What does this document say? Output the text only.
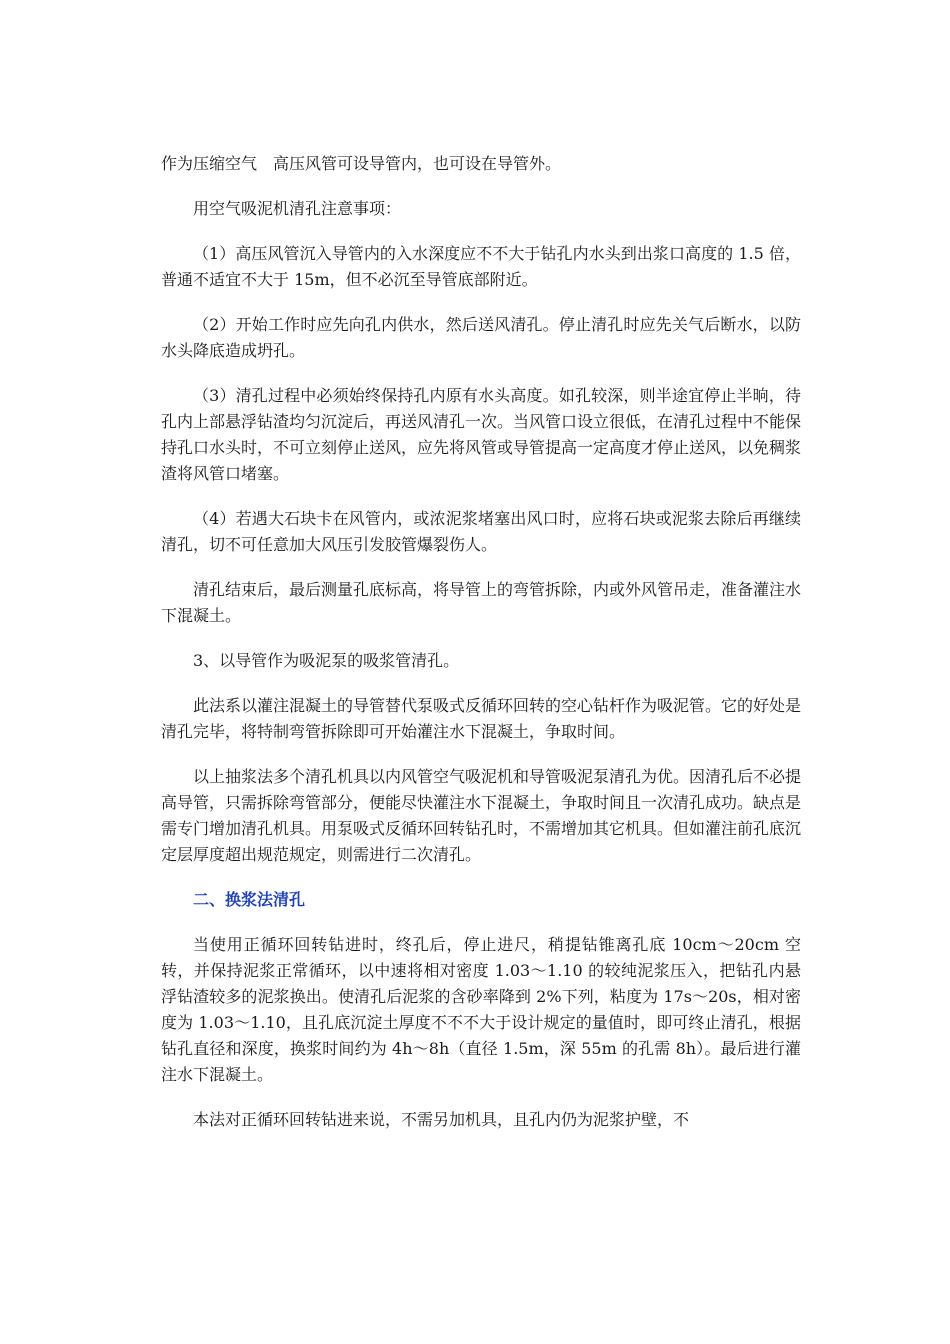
作为压缩空气　高压风管可设导管内，也可设在导管外。

用空气吸泥机清孔注意事项：

（1）高压风管沉入导管内的入水深度应不不大于钻孔内水头到出浆口高度的 1.5 倍，普通不适宜不大于 15m，但不必沉至导管底部附近。

（2）开始工作时应先向孔内供水，然后送风清孔。停止清孔时应先关气后断水，以防水头降底造成坍孔。

（3）清孔过程中必须始终保持孔内原有水头高度。如孔较深，则半途宜停止半晌，待孔内上部悬浮钻渣均匀沉淀后，再送风清孔一次。当风管口设立很低，在清孔过程中不能保持孔口水头时，不可立刻停止送风，应先将风管或导管提高一定高度才停止送风，以免稠浆渣将风管口堵塞。

（4）若遇大石块卡在风管内，或浓泥浆堵塞出风口时，应将石块或泥浆去除后再继续清孔，切不可任意加大风压引发胶管爆裂伤人。

清孔结束后，最后测量孔底标高，将导管上的弯管拆除，内或外风管吊走，准备灌注水下混凝土。

3、以导管作为吸泥泵的吸浆管清孔。

此法系以灌注混凝土的导管替代泵吸式反循环回转的空心钻杆作为吸泥管。它的好处是清孔完毕，将特制弯管拆除即可开始灌注水下混凝土，争取时间。

以上抽浆法多个清孔机具以内风管空气吸泥机和导管吸泥泵清孔为优。因清孔后不必提高导管，只需拆除弯管部分，便能尽快灌注水下混凝土，争取时间且一次清孔成功。缺点是需专门增加清孔机具。用泵吸式反循环回转钻孔时，不需增加其它机具。但如灌注前孔底沉定层厚度超出规范规定，则需进行二次清孔。

二、换浆法清孔

当使用正循环回转钻进时，终孔后，停止进尺，稍提钻锥离孔底 10cm～20cm 空转，并保持泥浆正常循环，以中速将相对密度 1.03～1.10 的较纯泥浆压入，把钻孔内悬浮钻渣较多的泥浆换出。使清孔后泥浆的含砂率降到 2%下列，粘度为 17s～20s，相对密度为 1.03～1.10，且孔底沉淀土厚度不不不大于设计规定的量值时，即可终止清孔，根据钻孔直径和深度，换浆时间约为 4h～8h（直径 1.5m，深 55m 的孔需 8h）。最后进行灌注水下混凝土。

本法对正循环回转钻进来说，不需另加机具，且孔内仍为泥浆护壁，不
